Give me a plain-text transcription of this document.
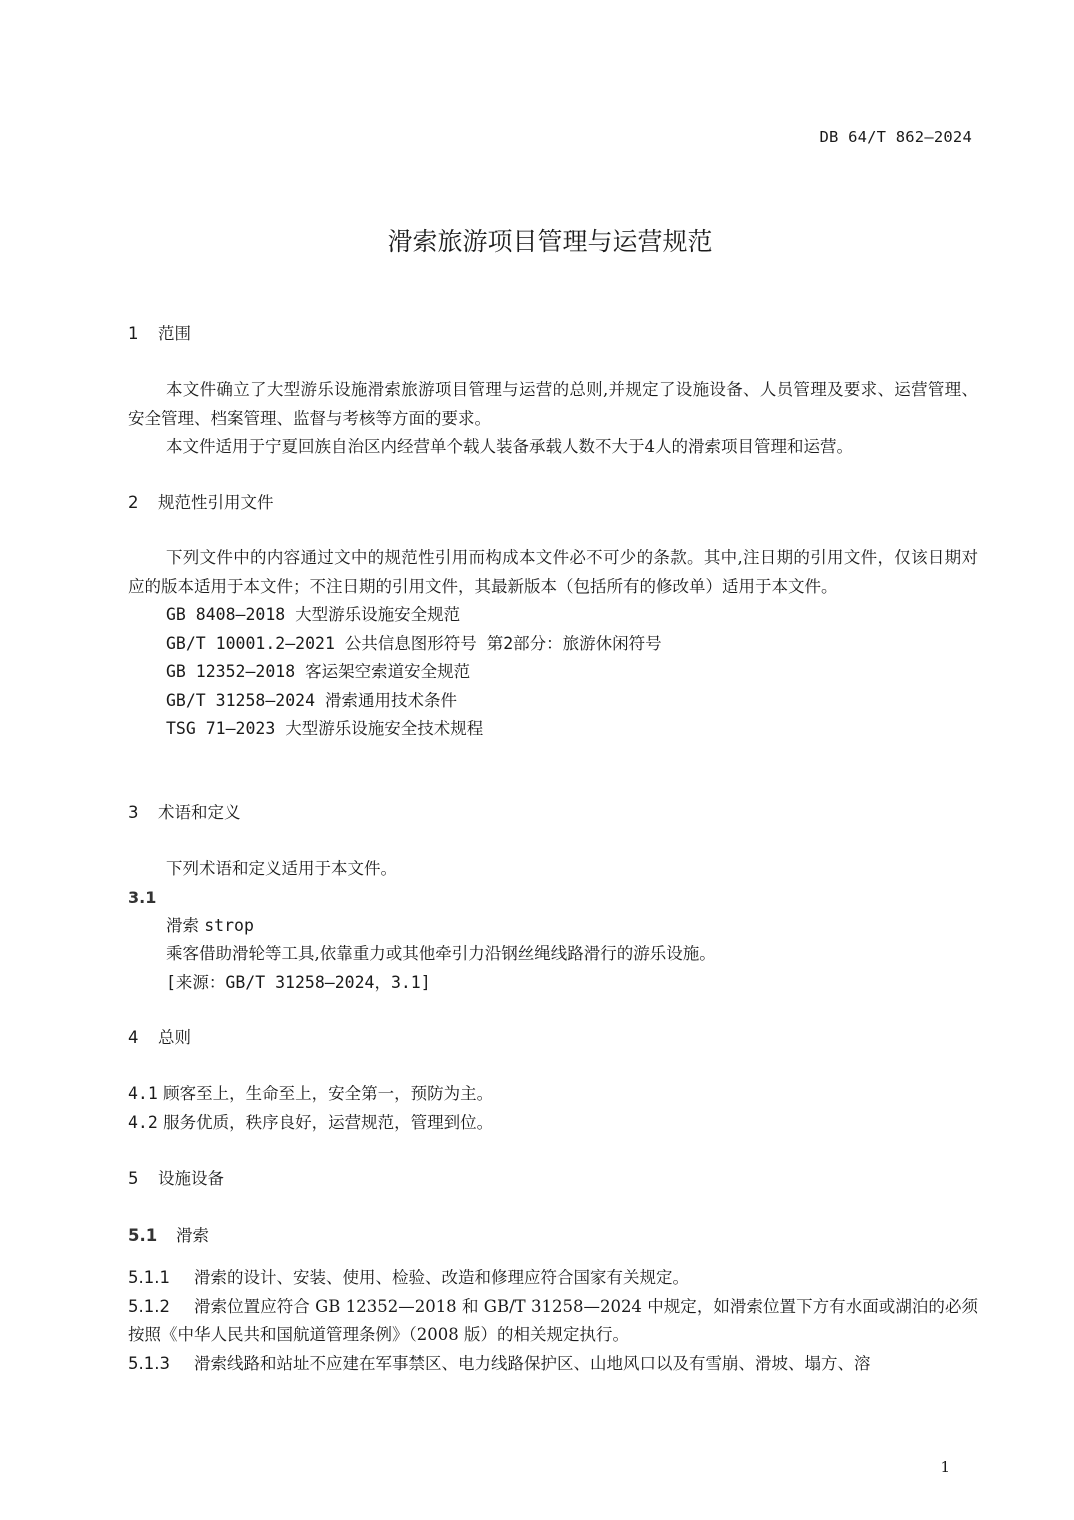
DB 64/T 862—2024
滑索旅游项目管理与运营规范
1 范围
本文件确立了大型游乐设施滑索旅游项目管理与运营的总则,并规定了设施设备、人员管理及要求、运营管理、安全管理、档案管理、监督与考核等方面的要求。
本文件适用于宁夏回族自治区内经营单个载人装备承载人数不大于4人的滑索项目管理和运营。
2 规范性引用文件
下列文件中的内容通过文中的规范性引用而构成本文件必不可少的条款。其中,注日期的引用文件，仅该日期对应的版本适用于本文件；不注日期的引用文件，其最新版本（包括所有的修改单）适用于本文件。
GB 8408—2018 大型游乐设施安全规范
GB/T 10001.2—2021 公共信息图形符号 第2部分：旅游休闲符号
GB 12352—2018 客运架空索道安全规范
GB/T 31258—2024 滑索通用技术条件
TSG 71—2023 大型游乐设施安全技术规程
3 术语和定义
下列术语和定义适用于本文件。
3.1
滑索 strop
乘客借助滑轮等工具,依靠重力或其他牵引力沿钢丝绳线路滑行的游乐设施。
[来源：GB/T 31258—2024，3.1]
4 总则
4.1 顾客至上，生命至上，安全第一，预防为主。
4.2 服务优质，秩序良好，运营规范，管理到位。
5 设施设备
5.1 滑索
5.1.1 滑索的设计、安装、使用、检验、改造和修理应符合国家有关规定。
5.1.2 滑索位置应符合 GB 12352—2018 和 GB/T 31258—2024 中规定，如滑索位置下方有水面或湖泊的必须按照《中华人民共和国航道管理条例》（2008 版）的相关规定执行。
5.1.3 滑索线路和站址不应建在军事禁区、电力线路保护区、山地风口以及有雪崩、滑坡、塌方、溶
1
